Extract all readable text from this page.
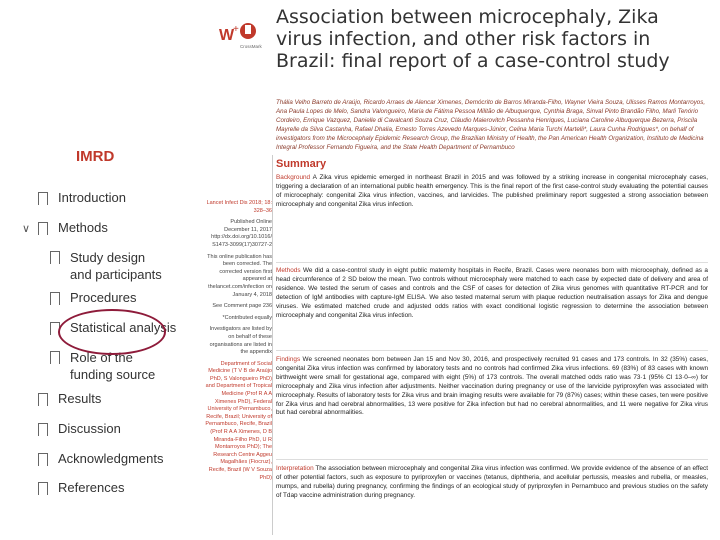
IMRD
∨
Introduction
Methods
Study design and participants
Procedures
Statistical analysis
Role of the funding source
Results
Discussion
Acknowledgments
References
W
+
CrossMark
Association between microcephaly, Zika virus infection, and other risk factors in Brazil: final report of a case-control study
Thália Velho Barreto de Araújo, Ricardo Arraes de Alencar Ximenes, Demócrito de Barros Miranda-Filho, Wayner Vieira Souza, Ulisses Ramos Montarroyos, Ana Paula Lopes de Melo, Sandra Valongueiro, Maria de Fátima Pessoa Militão de Albuquerque, Cynthia Braga, Sinval Pinto Brandão Filho, Marli Tenório Cordeiro, Enrique Vazquez, Danielle di Cavalcanti Souza Cruz, Cláudio Maierovitch Pessanha Henriques, Luciana Caroline Albuquerque Bezerra, Priscila Mayrelle da Silva Castanha, Rafael Dhalia, Ernesto Torres Azevedo Marques-Júnior, Celina Maria Turchi Martelli*, Laura Cunha Rodrigues*, on behalf of investigators from the Microcephaly Epidemic Research Group, the Brazilian Ministry of Health, the Pan American Health Organization, Instituto de Medicina Integral Professor Fernando Figueira, and the State Health Department of Pernambuco
Lancet Infect Dis 2018; 18: 328–36
Published Online December 11, 2017 http://dx.doi.org/10.1016/ S1473-3099(17)30727-2
This online publication has been corrected. The corrected version first appeared at thelancet.com/infection on January 4, 2018
See Comment page 236
*Contributed equally
Investigators are listed by on behalf of these organisations are listed in the appendix
Department of Social Medicine (T V B de Araújo PhD, S Valongueiro PhD) and Department of Tropical Medicine (Prof R A A Ximenes PhD), Federal University of Pernambuco, Recife, Brazil; University of Pernambuco, Recife, Brazil (Prof R A A Ximenes, D B Miranda-Filho PhD, U R Montarroyos PhD); The Research Centre Aggeu Magalhães (Fiocruz), Recife, Brazil (W V Souza PhD)
Summary
Background A Zika virus epidemic emerged in northeast Brazil in 2015 and was followed by a striking increase in congenital microcephaly cases, triggering a declaration of an international public health emergency. This is the final report of the first case-control study evaluating the potential causes of microcephaly: congenital Zika virus infection, vaccines, and larvicides. The published preliminary report suggested a strong association between microcephaly and congenital Zika virus infection.
Methods We did a case-control study in eight public maternity hospitals in Recife, Brazil. Cases were neonates born with microcephaly, defined as a head circumference of 2 SD below the mean. Two controls without microcephaly were matched to each case by expected date of delivery and area of residence. We tested the serum of cases and controls and the CSF of cases for detection of Zika virus genomes with quantitative RT-PCR and for detection of IgM antibodies with capture-IgM ELISA. We also tested maternal serum with plaque reduction neutralisation assays for Zika and dengue viruses. We estimated matched crude and adjusted odds ratios with exact conditional logistic regression to determine the association between microcephaly and congenital Zika virus infection.
Findings We screened neonates born between Jan 15 and Nov 30, 2016, and prospectively recruited 91 cases and 173 controls. In 32 (35%) cases, congenital Zika virus infection was confirmed by laboratory tests and no controls had confirmed Zika virus infections. 69 (83%) of 83 cases with known birthweight were small for gestational age, compared with eight (5%) of 173 controls. The overall matched odds ratio was 73·1 (95% CI 13·0–∞) for microcephaly and Zika virus infection after adjustments. Neither vaccination during pregnancy or use of the larvicide pyriproxyfen was associated with microcephaly. Results of laboratory tests for Zika virus and brain imaging results were available for 79 (87%) cases; within these cases, ten were positive for Zika virus and had cerebral abnormalities, 13 were positive for Zika infection but had no cerebral abnormalities, and 11 were negative for Zika virus but had cerebral abnormalities.
Interpretation The association between microcephaly and congenital Zika virus infection was confirmed. We provide evidence of the absence of an effect of other potential factors, such as exposure to pyriproxyfen or vaccines (tetanus, diphtheria, and acellular pertussis, measles and rubella, or measles, mumps, and rubella) during pregnancy, confirming the findings of an ecological study of pyriproxyfen in Pernambuco and previous studies on the safety of Tdap vaccine administration during pregnancy.
